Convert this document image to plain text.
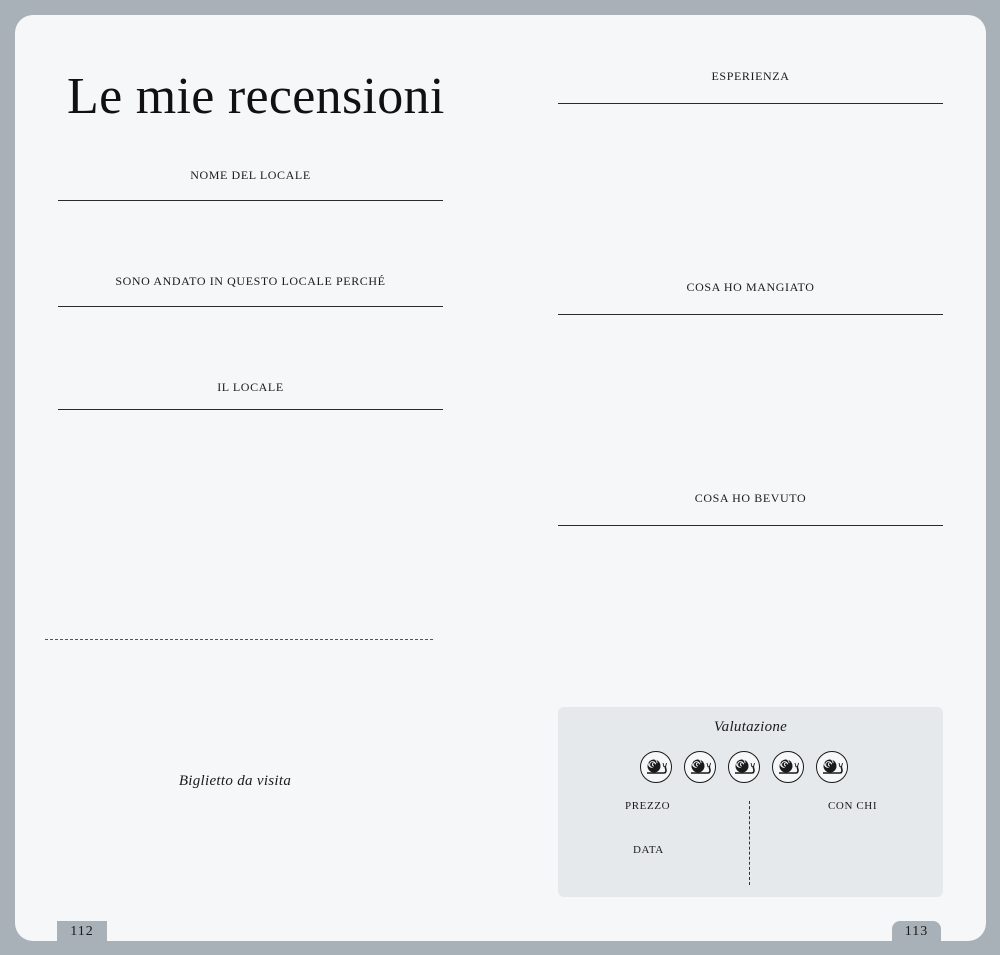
Le mie recensioni
NOME DEL LOCALE
SONO ANDATO IN QUESTO LOCALE PERCHÉ
IL LOCALE
Biglietto da visita
ESPERIENZA
COSA HO MANGIATO
COSA HO BEVUTO
Valutazione
PREZZO
DATA
CON CHI
112	113
